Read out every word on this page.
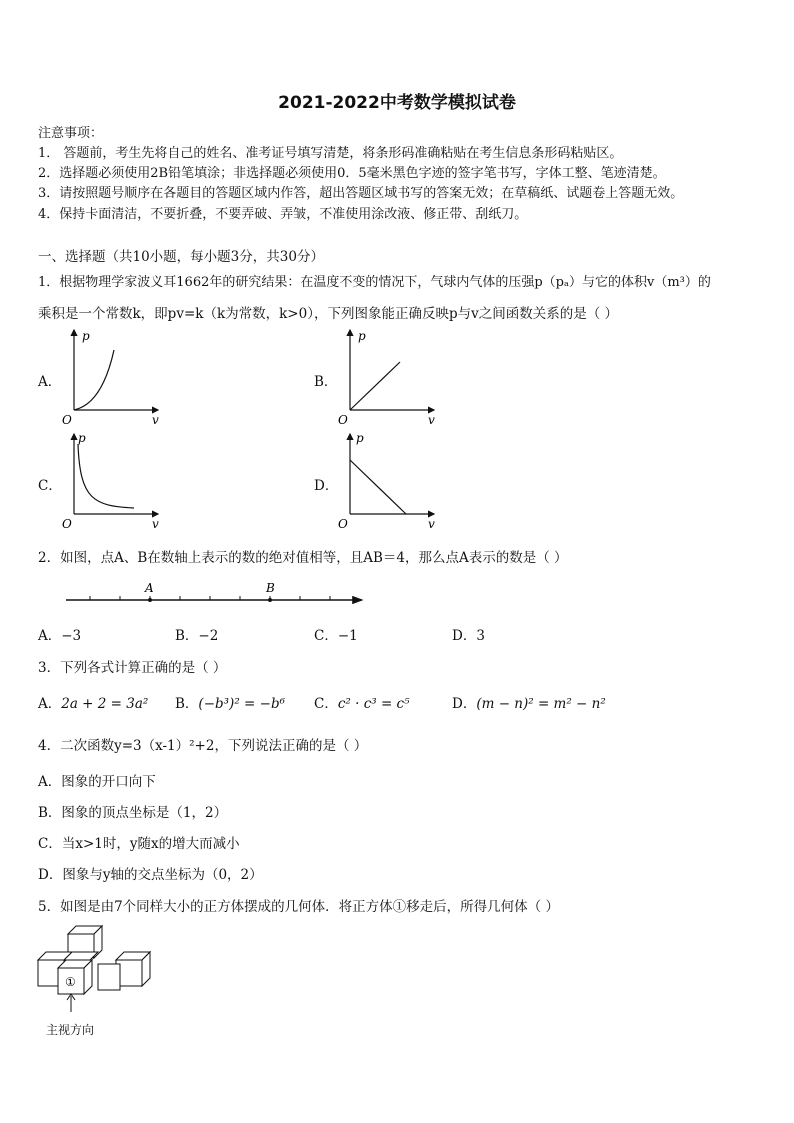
2021-2022中考数学模拟试卷
注意事项：
1． 答题前，考生先将自己的姓名、准考证号填写清楚，将条形码准确粘贴在考生信息条形码粘贴区。
2．选择题必须使用2B铅笔填涂；非选择题必须使用0．5毫米黑色字迹的签字笔书写，字体工整、笔迹清楚。
3．请按照题号顺序在各题目的答题区域内作答，超出答题区域书写的答案无效；在草稿纸、试题卷上答题无效。
4．保持卡面清洁，不要折叠，不要弄破、弄皱，不准使用涂改液、修正带、刮纸刀。
一、选择题（共10小题，每小题3分，共30分）
1．根据物理学家波义耳1662年的研究结果：在温度不变的情况下，气球内气体的压强p（pₐ）与它的体积v（m³）的
乘积是一个常数k，即pv=k（k为常数，k>0），下列图象能正确反映p与v之间函数关系的是（ ）
A．	B．
C．	D．
p
v
O
p
v
O
p
v
O
p
v
O
2．如图，点A、B在数轴上表示的数的绝对值相等，且AB＝4，那么点A表示的数是（ ）
A	B
A．−3	B．−2	C．−1	D．3
3．下列各式计算正确的是（ ）
A．2a + 2 = 3a² B．(−b³)² = −b⁶ C．c² · c³ = c⁵	D．(m − n)² = m² − n²
4．二次函数y=3（x-1）²+2，下列说法正确的是（ ）
A．图象的开口向下
B．图象的顶点坐标是（1，2）
C．当x>1时，y随x的增大而减小
D．图象与y轴的交点坐标为（0，2）
5．如图是由7个同样大小的正方体摆成的几何体．将正方体①移走后，所得几何体（ ）
①
主视方向
